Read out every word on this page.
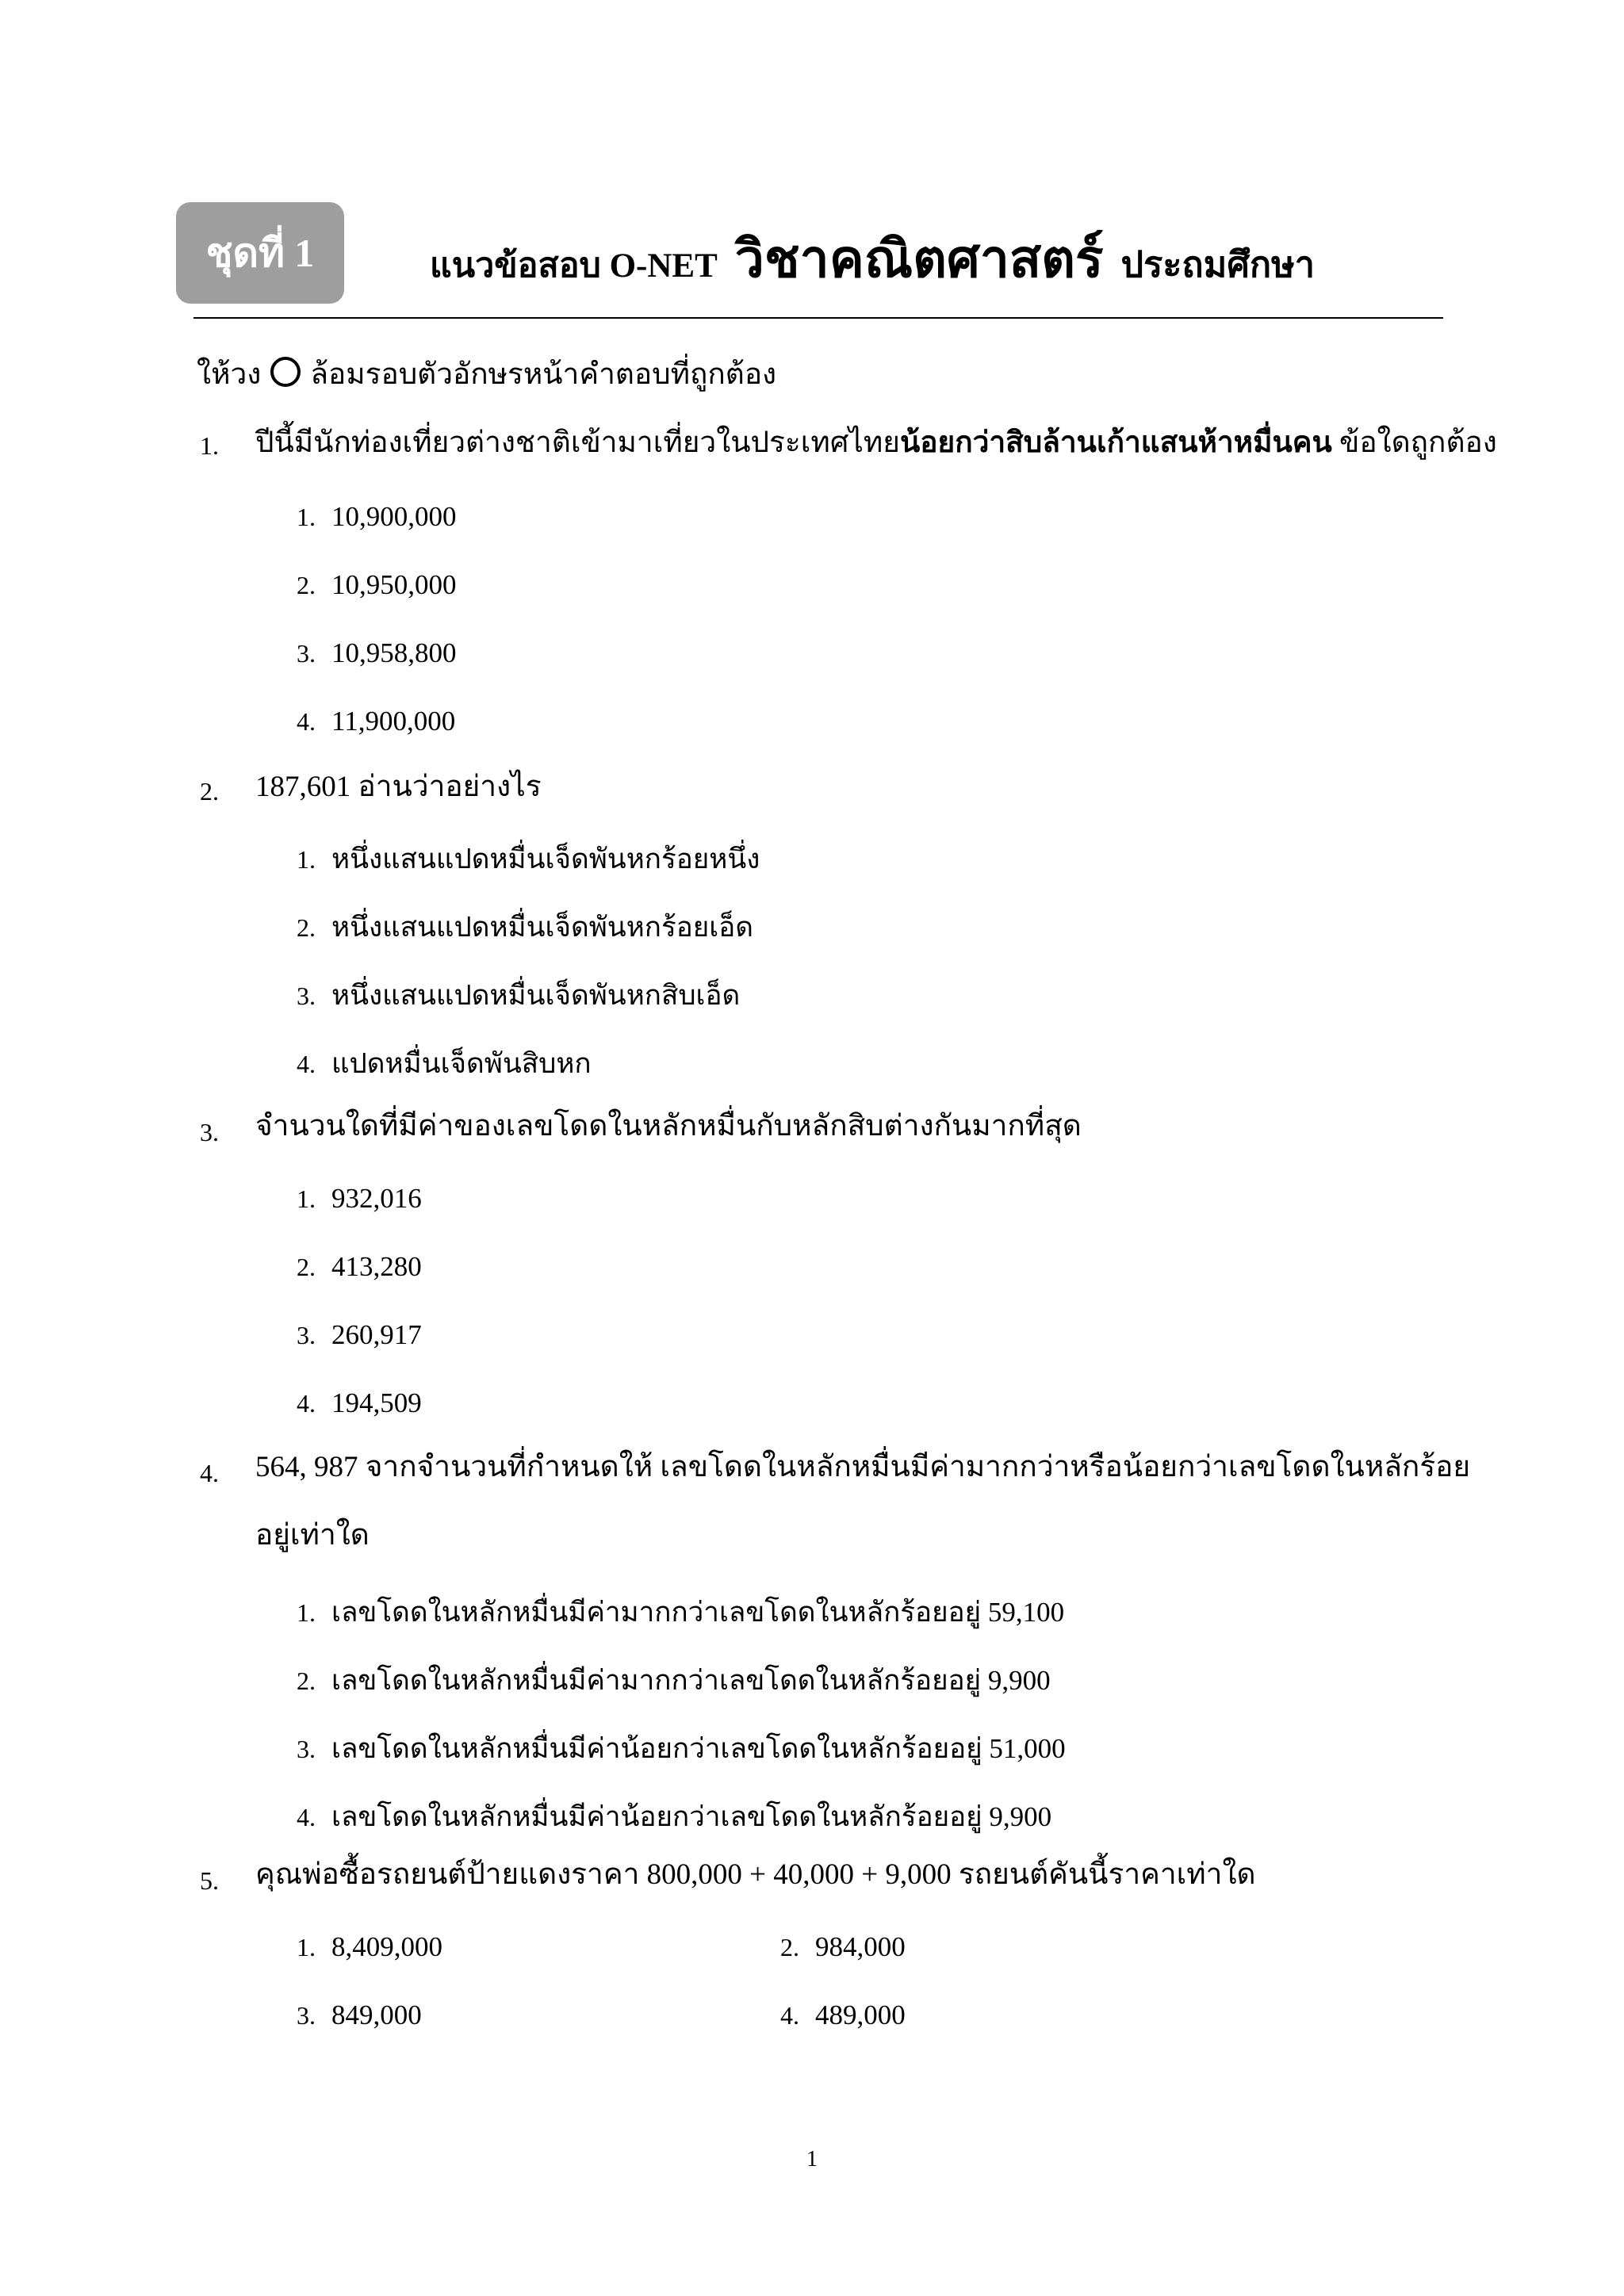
ชุดที่ 1	แนวข้อสอบ O-NET วิชาคณิตศาสตร์ ประถมศึกษา
ให้วง ล้อมรอบตัวอักษรหน้าคำตอบที่ถูกต้อง
1. ปีนี้มีนักท่องเที่ยวต่างชาติเข้ามาเที่ยวในประเทศไทยน้อยกว่าสิบล้านเก้าแสนห้าหมื่นคน ข้อใดถูกต้อง
1. 10,900,000
2. 10,950,000
3. 10,958,800
4. 11,900,000
2. 187,601 อ่านว่าอย่างไร
1. หนึ่งแสนแปดหมื่นเจ็ดพันหกร้อยหนึ่ง
2. หนึ่งแสนแปดหมื่นเจ็ดพันหกร้อยเอ็ด
3. หนึ่งแสนแปดหมื่นเจ็ดพันหกสิบเอ็ด
4. แปดหมื่นเจ็ดพันสิบหก
3. จำนวนใดที่มีค่าของเลขโดดในหลักหมื่นกับหลักสิบต่างกันมากที่สุด
1. 932,016
2. 413,280
3. 260,917
4. 194,509
4. 564, 987 จากจำนวนที่กำหนดให้ เลขโดดในหลักหมื่นมีค่ามากกว่าหรือน้อยกว่าเลขโดดในหลักร้อย
อยู่เท่าใด
1. เลขโดดในหลักหมื่นมีค่ามากกว่าเลขโดดในหลักร้อยอยู่ 59,100
2. เลขโดดในหลักหมื่นมีค่ามากกว่าเลขโดดในหลักร้อยอยู่ 9,900
3. เลขโดดในหลักหมื่นมีค่าน้อยกว่าเลขโดดในหลักร้อยอยู่ 51,000
4. เลขโดดในหลักหมื่นมีค่าน้อยกว่าเลขโดดในหลักร้อยอยู่ 9,900
5. คุณพ่อซื้อรถยนต์ป้ายแดงราคา 800,000 + 40,000 + 9,000 รถยนต์คันนี้ราคาเท่าใด
1. 8,409,000	2. 984,000
3. 849,000	4. 489,000
1
